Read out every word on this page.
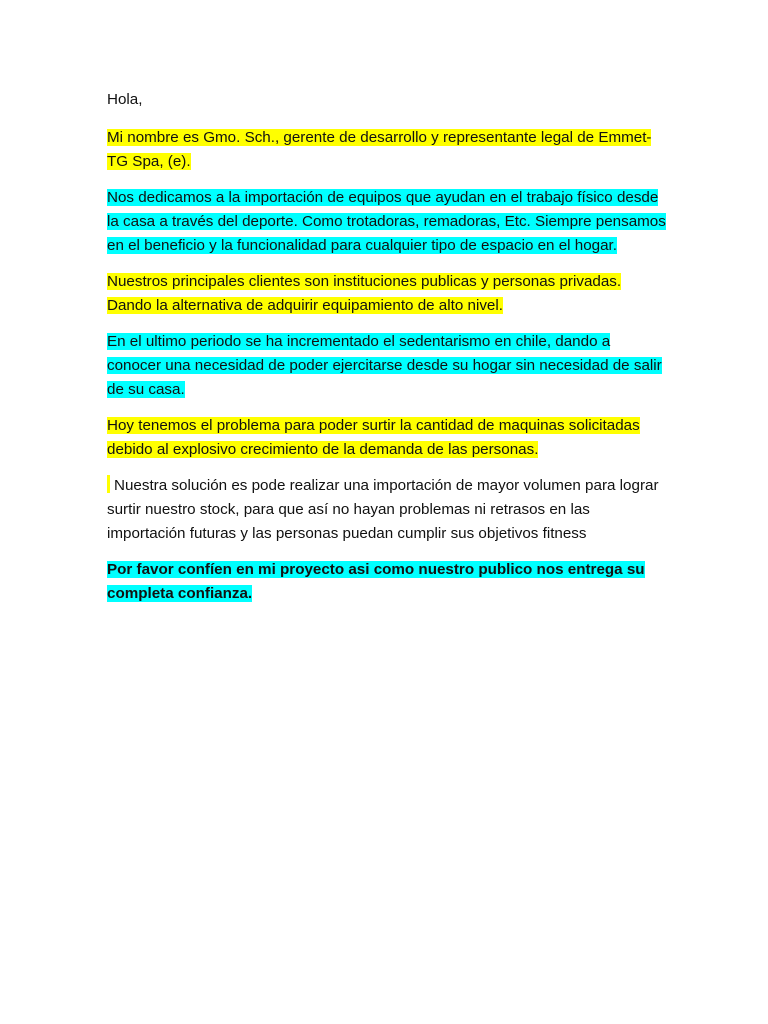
Hola,

Mi nombre es Gmo. Sch., gerente de desarrollo y representante legal de Emmet-TG Spa, (e).

Nos dedicamos a la importación de equipos que ayudan en el trabajo físico desde la casa a través del deporte. Como trotadoras, remadoras, Etc. Siempre pensamos en el beneficio y la funcionalidad para cualquier tipo de espacio en el hogar.

Nuestros principales clientes son instituciones publicas y personas privadas. Dando la alternativa de adquirir equipamiento de alto nivel.

En el ultimo periodo se ha incrementado el sedentarismo en chile, dando a conocer una necesidad de poder ejercitarse desde su hogar sin necesidad de salir de su casa.

Hoy tenemos el problema para poder surtir la cantidad de maquinas solicitadas debido al explosivo crecimiento de la demanda de las personas.

Nuestra solución es pode realizar una importación de mayor volumen para lograr surtir nuestro stock, para que así no hayan problemas ni retrasos en las importación futuras y las personas puedan cumplir sus objetivos fitness

Por favor confíen en mi proyecto asi como nuestro publico nos entrega su completa confianza.
